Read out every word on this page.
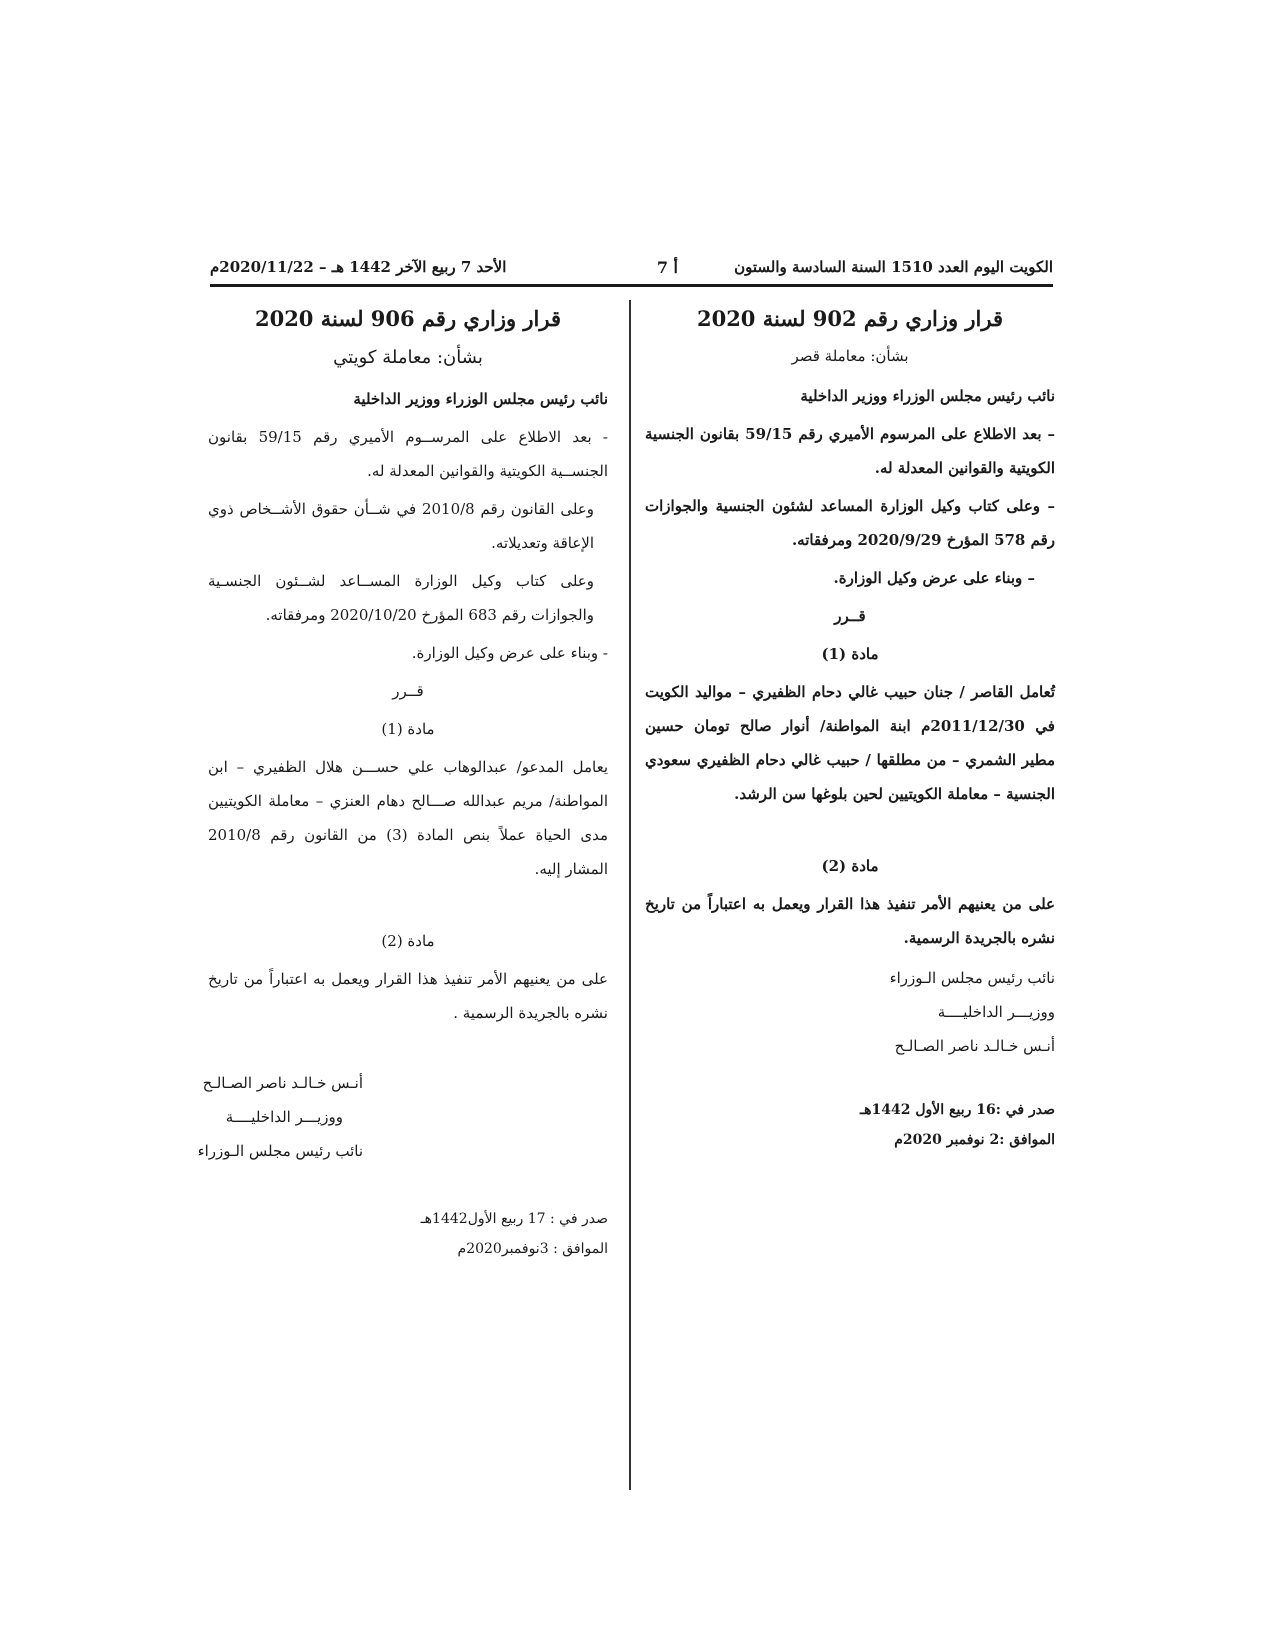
الكويت اليوم العدد 1510 السنة السادسة والستون
أ 7
الأحد 7 ربيع الآخر 1442 هـ – 2020/11/22م
قرار وزاري رقم 902 لسنة 2020
بشأن: معاملة قصر

نائب رئيس مجلس الوزراء ووزير الداخلية

– بعد الاطلاع على المرسوم الأميري رقم 59/15 بقانون الجنسية الكويتية والقوانين المعدلة له.

– وعلى كتاب وكيل الوزارة المساعد لشئون الجنسية والجوازات رقم 578 المؤرخ 2020/9/29 ومرفقاته.

– وبناء على عرض وكيل الوزارة.

قــرر

مادة (1)

تُعامل القاصر / جنان حبيب غالي دحام الظفيري – مواليد الكويت في 2011/12/30م ابنة المواطنة/ أنوار صالح تومان حسين مطير الشمري – من مطلقها / حبيب غالي دحام الظفيري سعودي الجنسية – معاملة الكويتيين لحين بلوغها سن الرشد.

مادة (2)

على من يعنيهم الأمر تنفيذ هذا القرار ويعمل به اعتباراً من تاريخ نشره بالجريدة الرسمية.

نائب رئيس مجلس الـوزراء

ووزيـــر الداخليــــة

أنـس خـالـد ناصر الصـالـح

صدر في :16 ربيع الأول 1442هـ

الموافق :2 نوفمبر 2020م

قرار وزاري رقم 906 لسنة 2020
بشأن: معاملة كويتي

نائب رئيس مجلس الوزراء ووزير الداخلية

- بعد الاطلاع على المرســوم الأميري رقم 59/15 بقانون الجنســية الكويتية والقوانين المعدلة له.

وعلى القانون رقم 2010/8 في شــأن حقوق الأشــخاص ذوي الإعاقة وتعديلاته.

وعلى كتاب وكيل الوزارة المســاعد لشــئون الجنسـية والجوازات رقم 683 المؤرخ 2020/10/20 ومرفقاته.

- وبناء على عرض وكيل الوزارة.

قــرر

مادة (1)

يعامل المدعو/ عبدالوهاب علي حســـن هلال الظفيري – ابن المواطنة/ مريم عبدالله صـــالح دهام العنزي – معاملة الكويتيين مدى الحياة عملاً بنص المادة (3) من القانون رقم 2010/8 المشار إليه.

مادة (2)

على من يعنيهم الأمر تنفيذ هذا القرار ويعمل به اعتباراً من تاريخ نشره بالجريدة الرسمية .

أنـس خـالـد ناصر الصـالـح

ووزيـــر الداخليــــة

نائب رئيس مجلس الـوزراء

صدر في : 17 ربيع الأول1442هـ

الموافق : 3نوفمبر2020م
